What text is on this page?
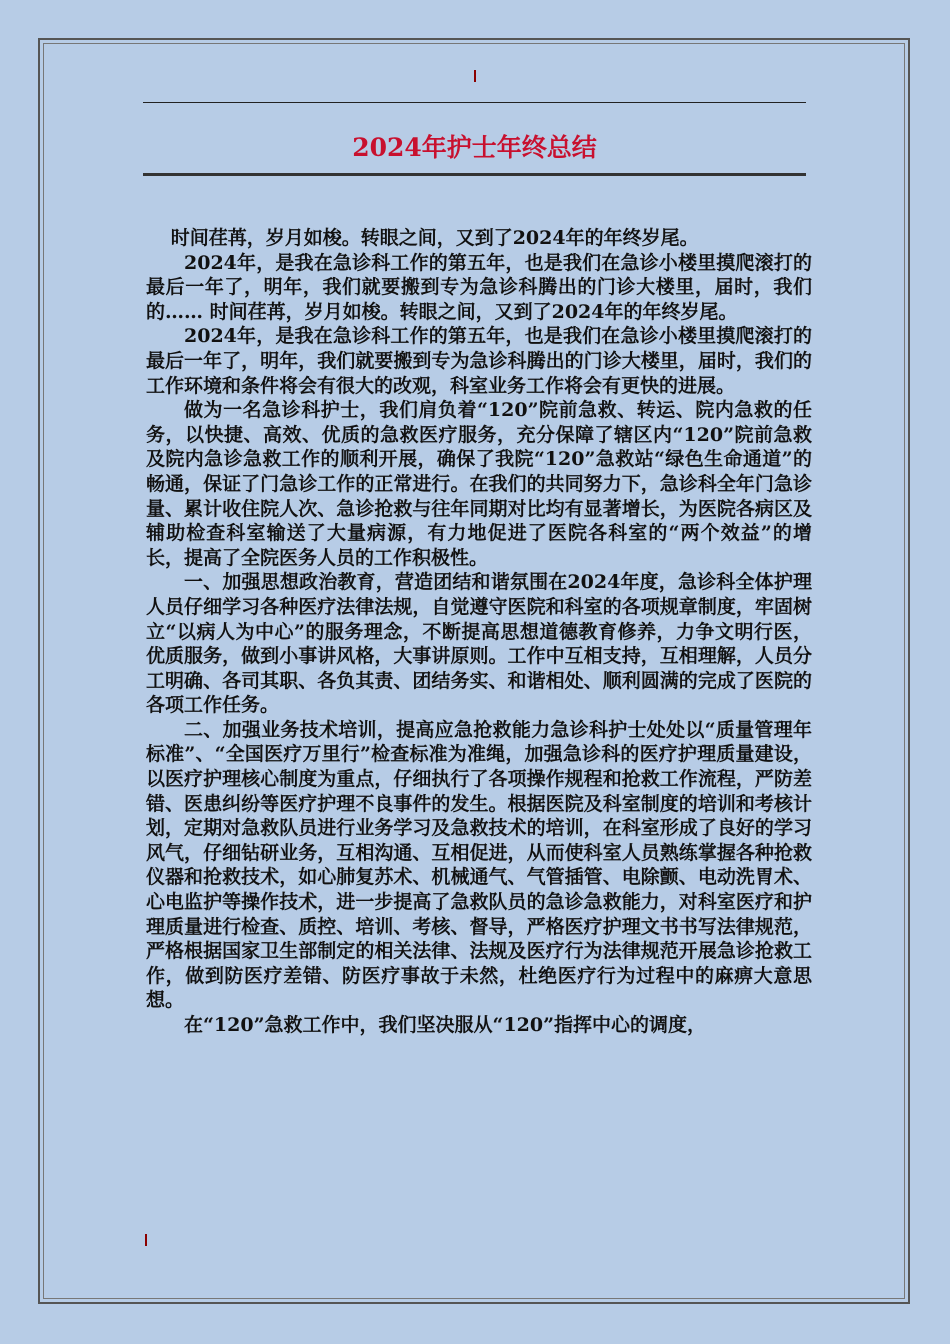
2024年护士年终总结

时间荏苒，岁月如梭。转眼之间，又到了2024年的年终岁尾。

2024年，是我在急诊科工作的第五年，也是我们在急诊小楼里摸爬滚打的最后一年了，明年，我们就要搬到专为急诊科腾出的门诊大楼里，届时，我们的…… 时间荏苒，岁月如梭。转眼之间，又到了2024年的年终岁尾。

2024年，是我在急诊科工作的第五年，也是我们在急诊小楼里摸爬滚打的最后一年了，明年，我们就要搬到专为急诊科腾出的门诊大楼里，届时，我们的工作环境和条件将会有很大的改观，科室业务工作将会有更快的进展。

做为一名急诊科护士，我们肩负着“120”院前急救、转运、院内急救的任务，以快捷、高效、优质的急救医疗服务，充分保障了辖区内“120”院前急救及院内急诊急救工作的顺利开展，确保了我院“120”急救站“绿色生命通道”的畅通，保证了门急诊工作的正常进行。在我们的共同努力下，急诊科全年门急诊量、累计收住院人次、急诊抢救与往年同期对比均有显著增长，为医院各病区及辅助检查科室输送了大量病源，有力地促进了医院各科室的“两个效益”的增长，提高了全院医务人员的工作积极性。

一、加强思想政治教育，营造团结和谐氛围在2024年度，急诊科全体护理人员仔细学习各种医疗法律法规，自觉遵守医院和科室的各项规章制度，牢固树立“以病人为中心”的服务理念，不断提高思想道德教育修养，力争文明行医，优质服务，做到小事讲风格，大事讲原则。工作中互相支持，互相理解，人员分工明确、各司其职、各负其责、团结务实、和谐相处、顺利圆满的完成了医院的各项工作任务。

二、加强业务技术培训，提高应急抢救能力急诊科护士处处以“质量管理年标准”、“全国医疗万里行”检查标准为准绳，加强急诊科的医疗护理质量建设，以医疗护理核心制度为重点，仔细执行了各项操作规程和抢救工作流程，严防差错、医患纠纷等医疗护理不良事件的发生。根据医院及科室制度的培训和考核计划，定期对急救队员进行业务学习及急救技术的培训，在科室形成了良好的学习风气，仔细钻研业务，互相沟通、互相促进，从而使科室人员熟练掌握各种抢救仪器和抢救技术，如心肺复苏术、机械通气、气管插管、电除颤、电动洗胃术、心电监护等操作技术，进一步提高了急救队员的急诊急救能力，对科室医疗和护理质量进行检查、质控、培训、考核、督导，严格医疗护理文书书写法律规范，严格根据国家卫生部制定的相关法律、法规及医疗行为法律规范开展急诊抢救工作，做到防医疗差错、防医疗事故于未然，杜绝医疗行为过程中的麻痹大意思想。

在“120”急救工作中，我们坚决服从“120”指挥中心的调度，
